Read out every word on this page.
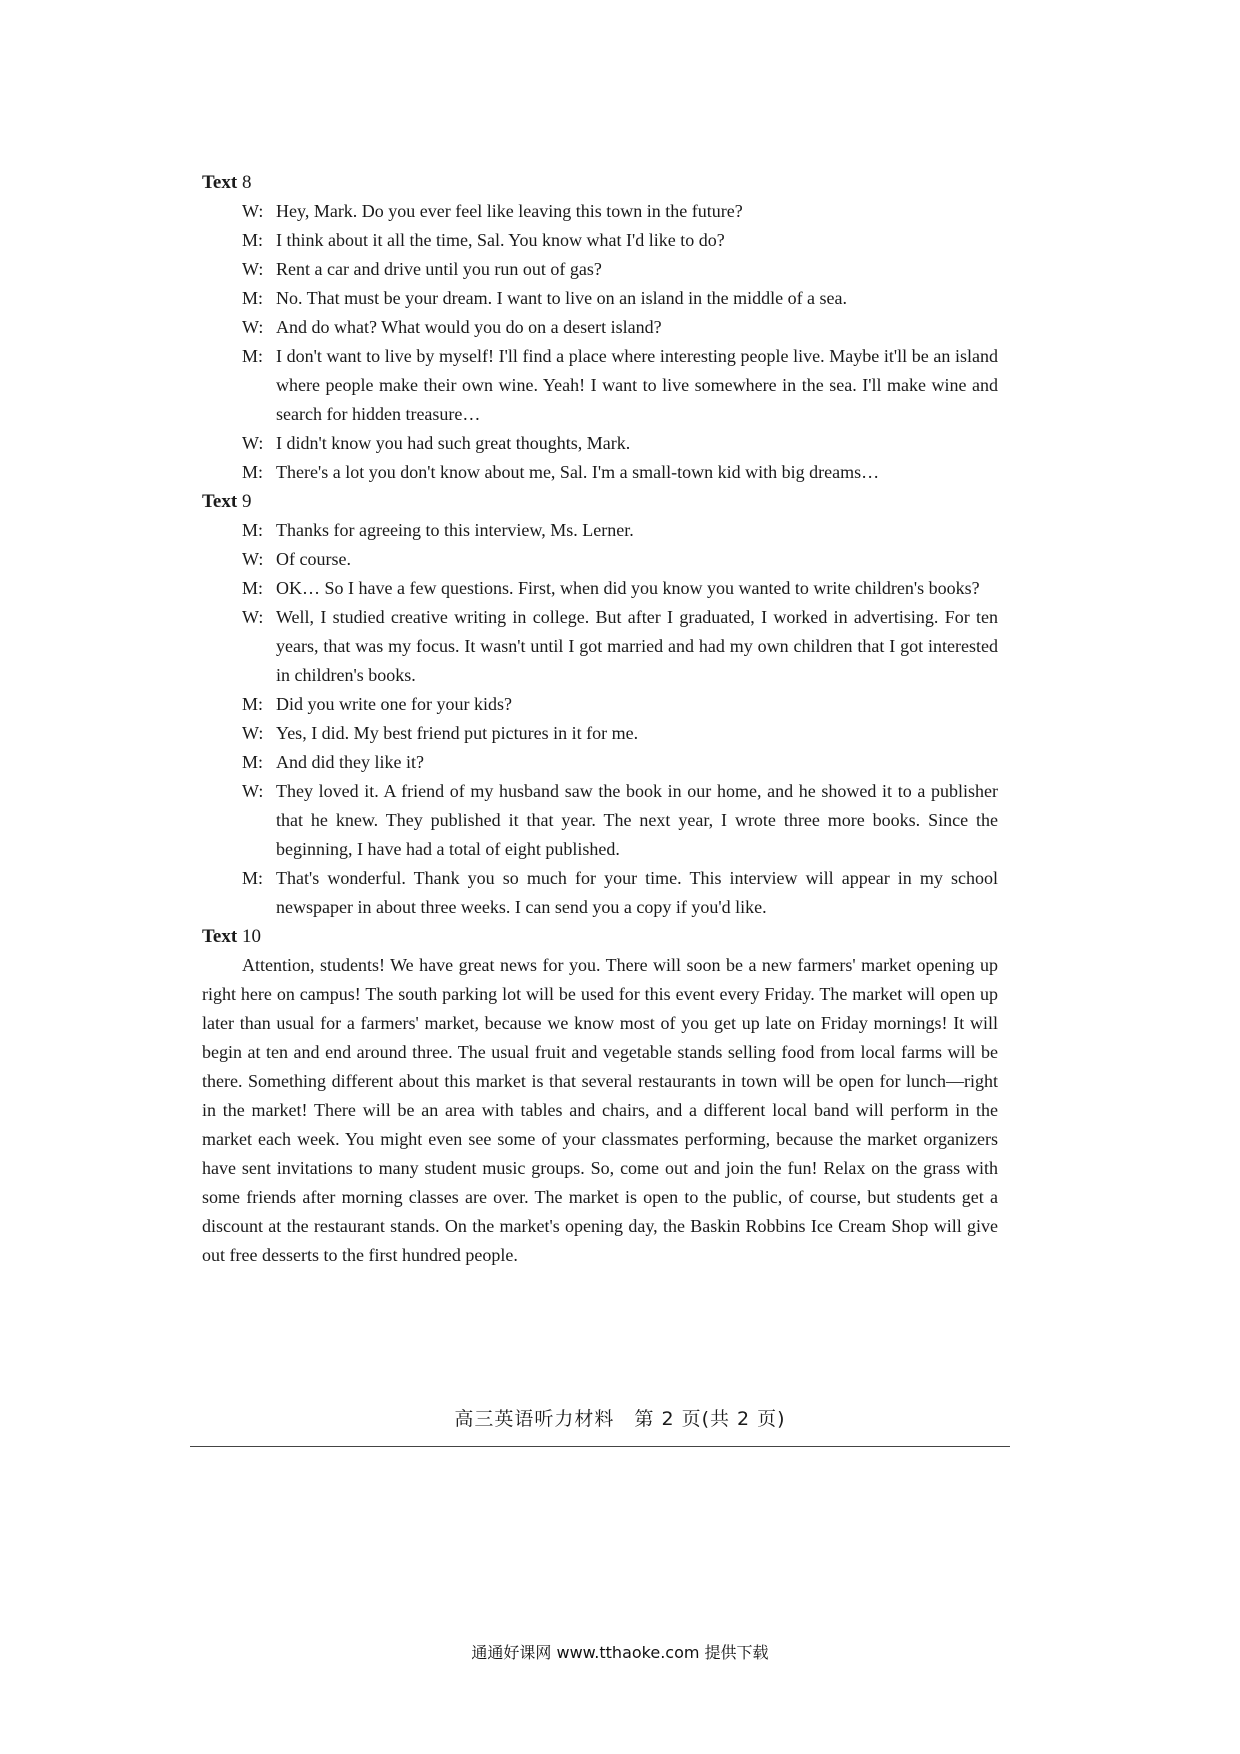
Text 8

W: Hey, Mark. Do you ever feel like leaving this town in the future?
M: I think about it all the time, Sal. You know what I'd like to do?
W: Rent a car and drive until you run out of gas?
M: No. That must be your dream. I want to live on an island in the middle of a sea.
W: And do what? What would you do on a desert island?
M: I don't want to live by myself! I'll find a place where interesting people live. Maybe it'll be an island where people make their own wine. Yeah! I want to live somewhere in the sea. I'll make wine and search for hidden treasure…
W: I didn't know you had such great thoughts, Mark.
M: There's a lot you don't know about me, Sal. I'm a small-town kid with big dreams…

Text 9

M: Thanks for agreeing to this interview, Ms. Lerner.
W: Of course.
M: OK… So I have a few questions. First, when did you know you wanted to write children's books?
W: Well, I studied creative writing in college. But after I graduated, I worked in advertising. For ten years, that was my focus. It wasn't until I got married and had my own children that I got interested in children's books.
M: Did you write one for your kids?
W: Yes, I did. My best friend put pictures in it for me.
M: And did they like it?
W: They loved it. A friend of my husband saw the book in our home, and he showed it to a publisher that he knew. They published it that year. The next year, I wrote three more books. Since the beginning, I have had a total of eight published.
M: That's wonderful. Thank you so much for your time. This interview will appear in my school newspaper in about three weeks. I can send you a copy if you'd like.

Text 10

Attention, students! We have great news for you. There will soon be a new farmers' market opening up right here on campus! The south parking lot will be used for this event every Friday. The market will open up later than usual for a farmers' market, because we know most of you get up late on Friday mornings! It will begin at ten and end around three. The usual fruit and vegetable stands selling food from local farms will be there. Something different about this market is that several restaurants in town will be open for lunch—right in the market! There will be an area with tables and chairs, and a different local band will perform in the market each week. You might even see some of your classmates performing, because the market organizers have sent invitations to many student music groups. So, come out and join the fun! Relax on the grass with some friends after morning classes are over. The market is open to the public, of course, but students get a discount at the restaurant stands. On the market's opening day, the Baskin Robbins Ice Cream Shop will give out free desserts to the first hundred people.

高三英语听力材料　第 2 页(共 2 页)
通通好课网 www.tthaoke.com 提供下载
